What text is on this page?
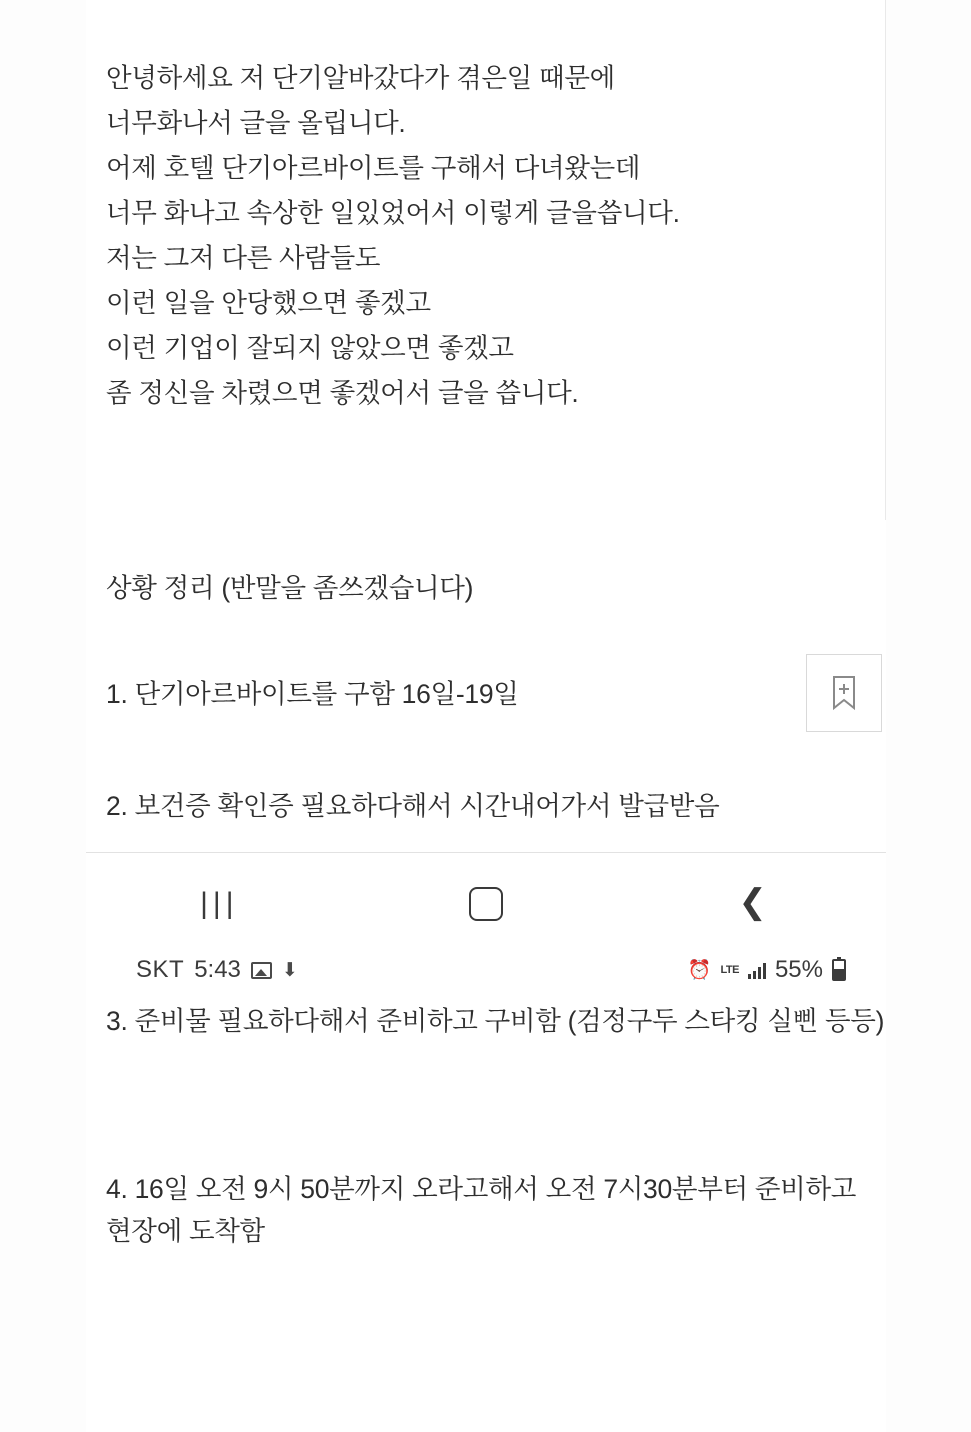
안녕하세요 저 단기알바갔다가 겪은일 때문에
너무화나서 글을 올립니다.
어제 호텔 단기아르바이트를 구해서 다녀왔는데
너무 화나고 속상한 일있었어서 이렇게 글을씁니다.
저는 그저 다른 사람들도
이런 일을 안당했으면 좋겠고
이런 기업이 잘되지 않았으면 좋겠고
좀 정신을 차렸으면 좋겠어서 글을 씁니다.
상황 정리 (반말을 좀쓰겠습니다)
1. 단기아르바이트를 구함 16일-19일
2. 보건증 확인증 필요하다해서 시간내어가서 발급받음
3. 준비물 필요하다해서 준비하고 구비함 (검정구두 스타킹 실삔 등등)
4. 16일 오전 9시 50분까지 오라고해서 오전 7시30분부터 준비하고 현장에 도착함
|||	❮
SKT 5:43 ⬇	⏰ LTE 55%
